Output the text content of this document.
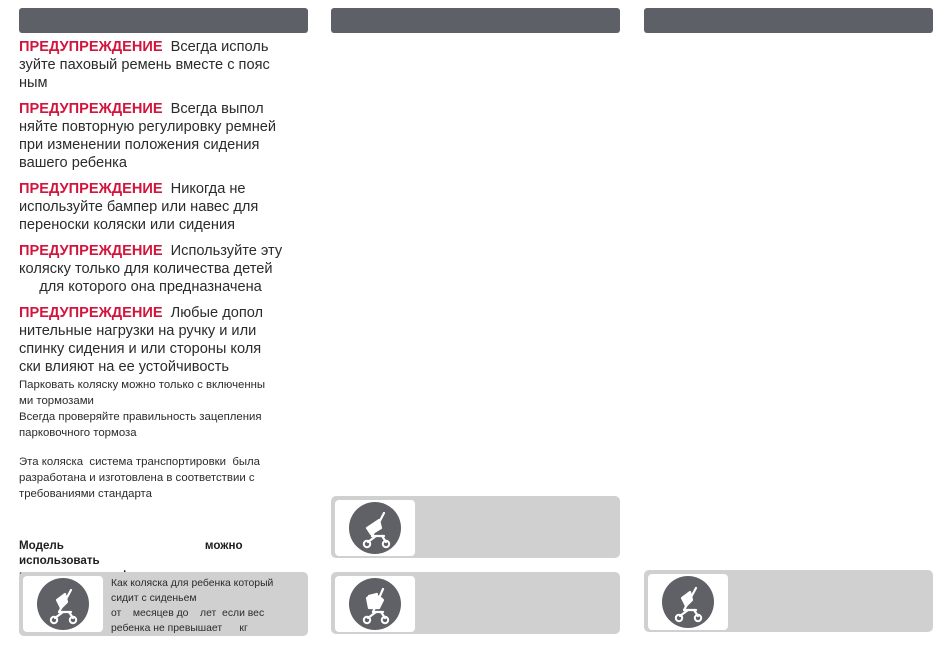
ПРЕДУПРЕЖДЕНИЕ Всегда исполь
зуйте паховый ремень вместе с пояс
ным
ПРЕДУПРЕЖДЕНИЕ Всегда выпол
няйте повторную регулировку ремней
при изменении положения сидения
вашего ребенка
ПРЕДУПРЕЖДЕНИЕ Никогда не
используйте бампер или навес для
переноски коляски или сидения
ПРЕДУПРЕЖДЕНИЕ Используйте эту
коляску только для количества детей
для которого она предназначена
ПРЕДУПРЕЖДЕНИЕ Любые допол
нительные нагрузки на ручку и или
спинку сидения и или стороны коля
ски влияют на ее устойчивость
Парковать коляску можно только с включенны
ми тормозами
Всегда проверяйте правильность зацепления
парковочного тормоза
Эта коляска  система транспортировки  была
разработана и изготовлена в соответствии с
требованиями стандарта
Модель	можно использовать

Как коляска для ребенка который
сидит с сиденьем
от    месяцев до    лет  если вес
ребенка не превышает      кг
